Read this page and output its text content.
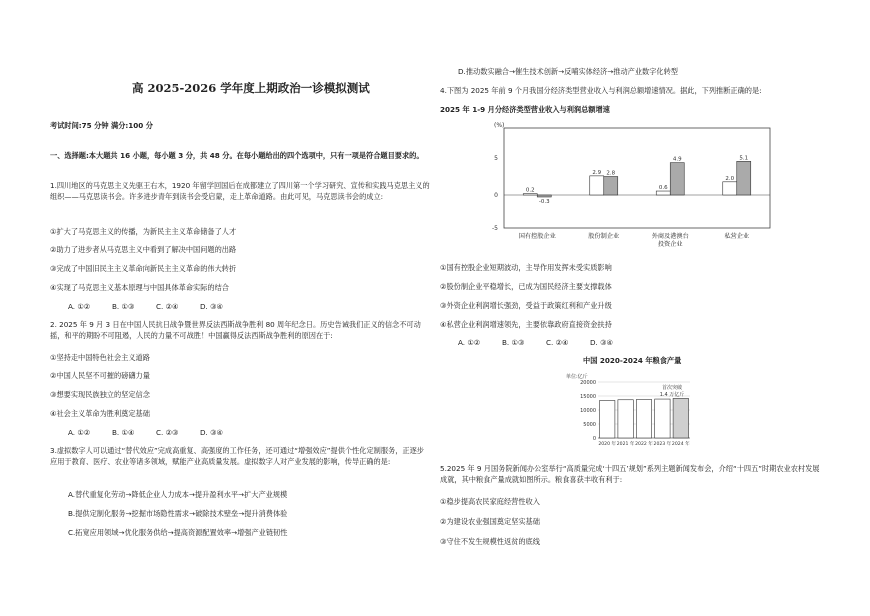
高 2025-2026 学年度上期政治一诊模拟测试
考试时间:75 分钟 满分:100 分
一、选择题:本大题共 16 小题，每小题 3 分，共 48 分。在每小题给出的四个选项中，只有一项是符合题目要求的。
1.四川地区的马克思主义先驱王右木，1920 年留学回国后在成都建立了四川第一个学习研究、宣传和实践马克思主义的组织——马克思读书会。许多进步青年到读书会受启蒙，走上革命道路。由此可见，马克思读书会的成立:
①扩大了马克思主义的传播，为新民主主义革命储备了人才
②助力了进步者从马克思主义中看到了解决中国问题的出路
③完成了中国旧民主主义革命向新民主主义革命的伟大转折
④实现了马克思主义基本原理与中国具体革命实际的结合
A. ①②	B. ①③	C. ②④	D. ③④
2. 2025 年 9 月 3 日在中国人民抗日战争暨世界反法西斯战争胜利 80 周年纪念日。历史告诫我们正义的信念不可动摇，和平的期盼不可阻遏，人民的力量不可战胜！中国赢得反法西斯战争胜利的原因在于:
①坚持走中国特色社会主义道路
②中国人民坚不可摧的磅礴力量
③想要实现民族独立的坚定信念
④社会主义革命为胜利奠定基础
A. ①②	B. ①④	C. ②③	D. ③④
3.虚拟数字人可以通过“替代效应”完成高重复、高强度的工作任务，还可通过“增强效应”提供个性化定制服务，正逐步应用于教育、医疗、农业等诸多领域，赋能产业高质量发展。虚拟数字人对产业发展的影响，传导正确的是:
A.替代重复化劳动→降低企业人力成本→提升盈利水平→扩大产业规模
B.提供定制化服务→挖掘市场隐性需求→破除技术壁垒→提升消费体验
C.拓宽应用领域→优化服务供给→提高资源配置效率→增强产业链韧性
D.推动数实融合→催生技术创新→反哺实体经济→推动产业数字化转型
4.下图为 2025 年前 9 个月我国分经济类型营业收入与利润总额增速情况。据此，下列推断正确的是:
2025 年 1-9 月分经济类型营业收入与利润总额增速
(%)
5
0
-5
0.2
-0.3
国有控股企业
2.9 2.8
股份制企业
0.6
4.9
外商及港澳台
投资企业
2.0
5.1
私营企业
①国有控股企业短期波动，主导作用发挥未受实质影响
②股份制企业平稳增长，已成为国民经济主要支撑载体
③外资企业利润增长强劲，受益于政策红利和产业升级
④私营企业利润增速领先，主要依靠政府直接资金扶持
A. ①②	B. ①③	C. ②④	D. ③④
中国 2020-2024 年粮食产量
单位:亿斤
20000
15000
10000
5000
0
2020 年 2021 年 2022 年 2023 年 2024 年
首次突破
1.4 万亿斤
5.2025 年 9 月国务院新闻办公室举行“高质量完成‘十四五’规划”系列主题新闻发布会，介绍“十四五”时期农业农村发展成就，其中粮食产量成就如图所示。粮食喜获丰收有利于:
①稳步提高农民家庭经营性收入
②为建设农业强国奠定坚实基础
③守住不发生规模性返贫的底线
